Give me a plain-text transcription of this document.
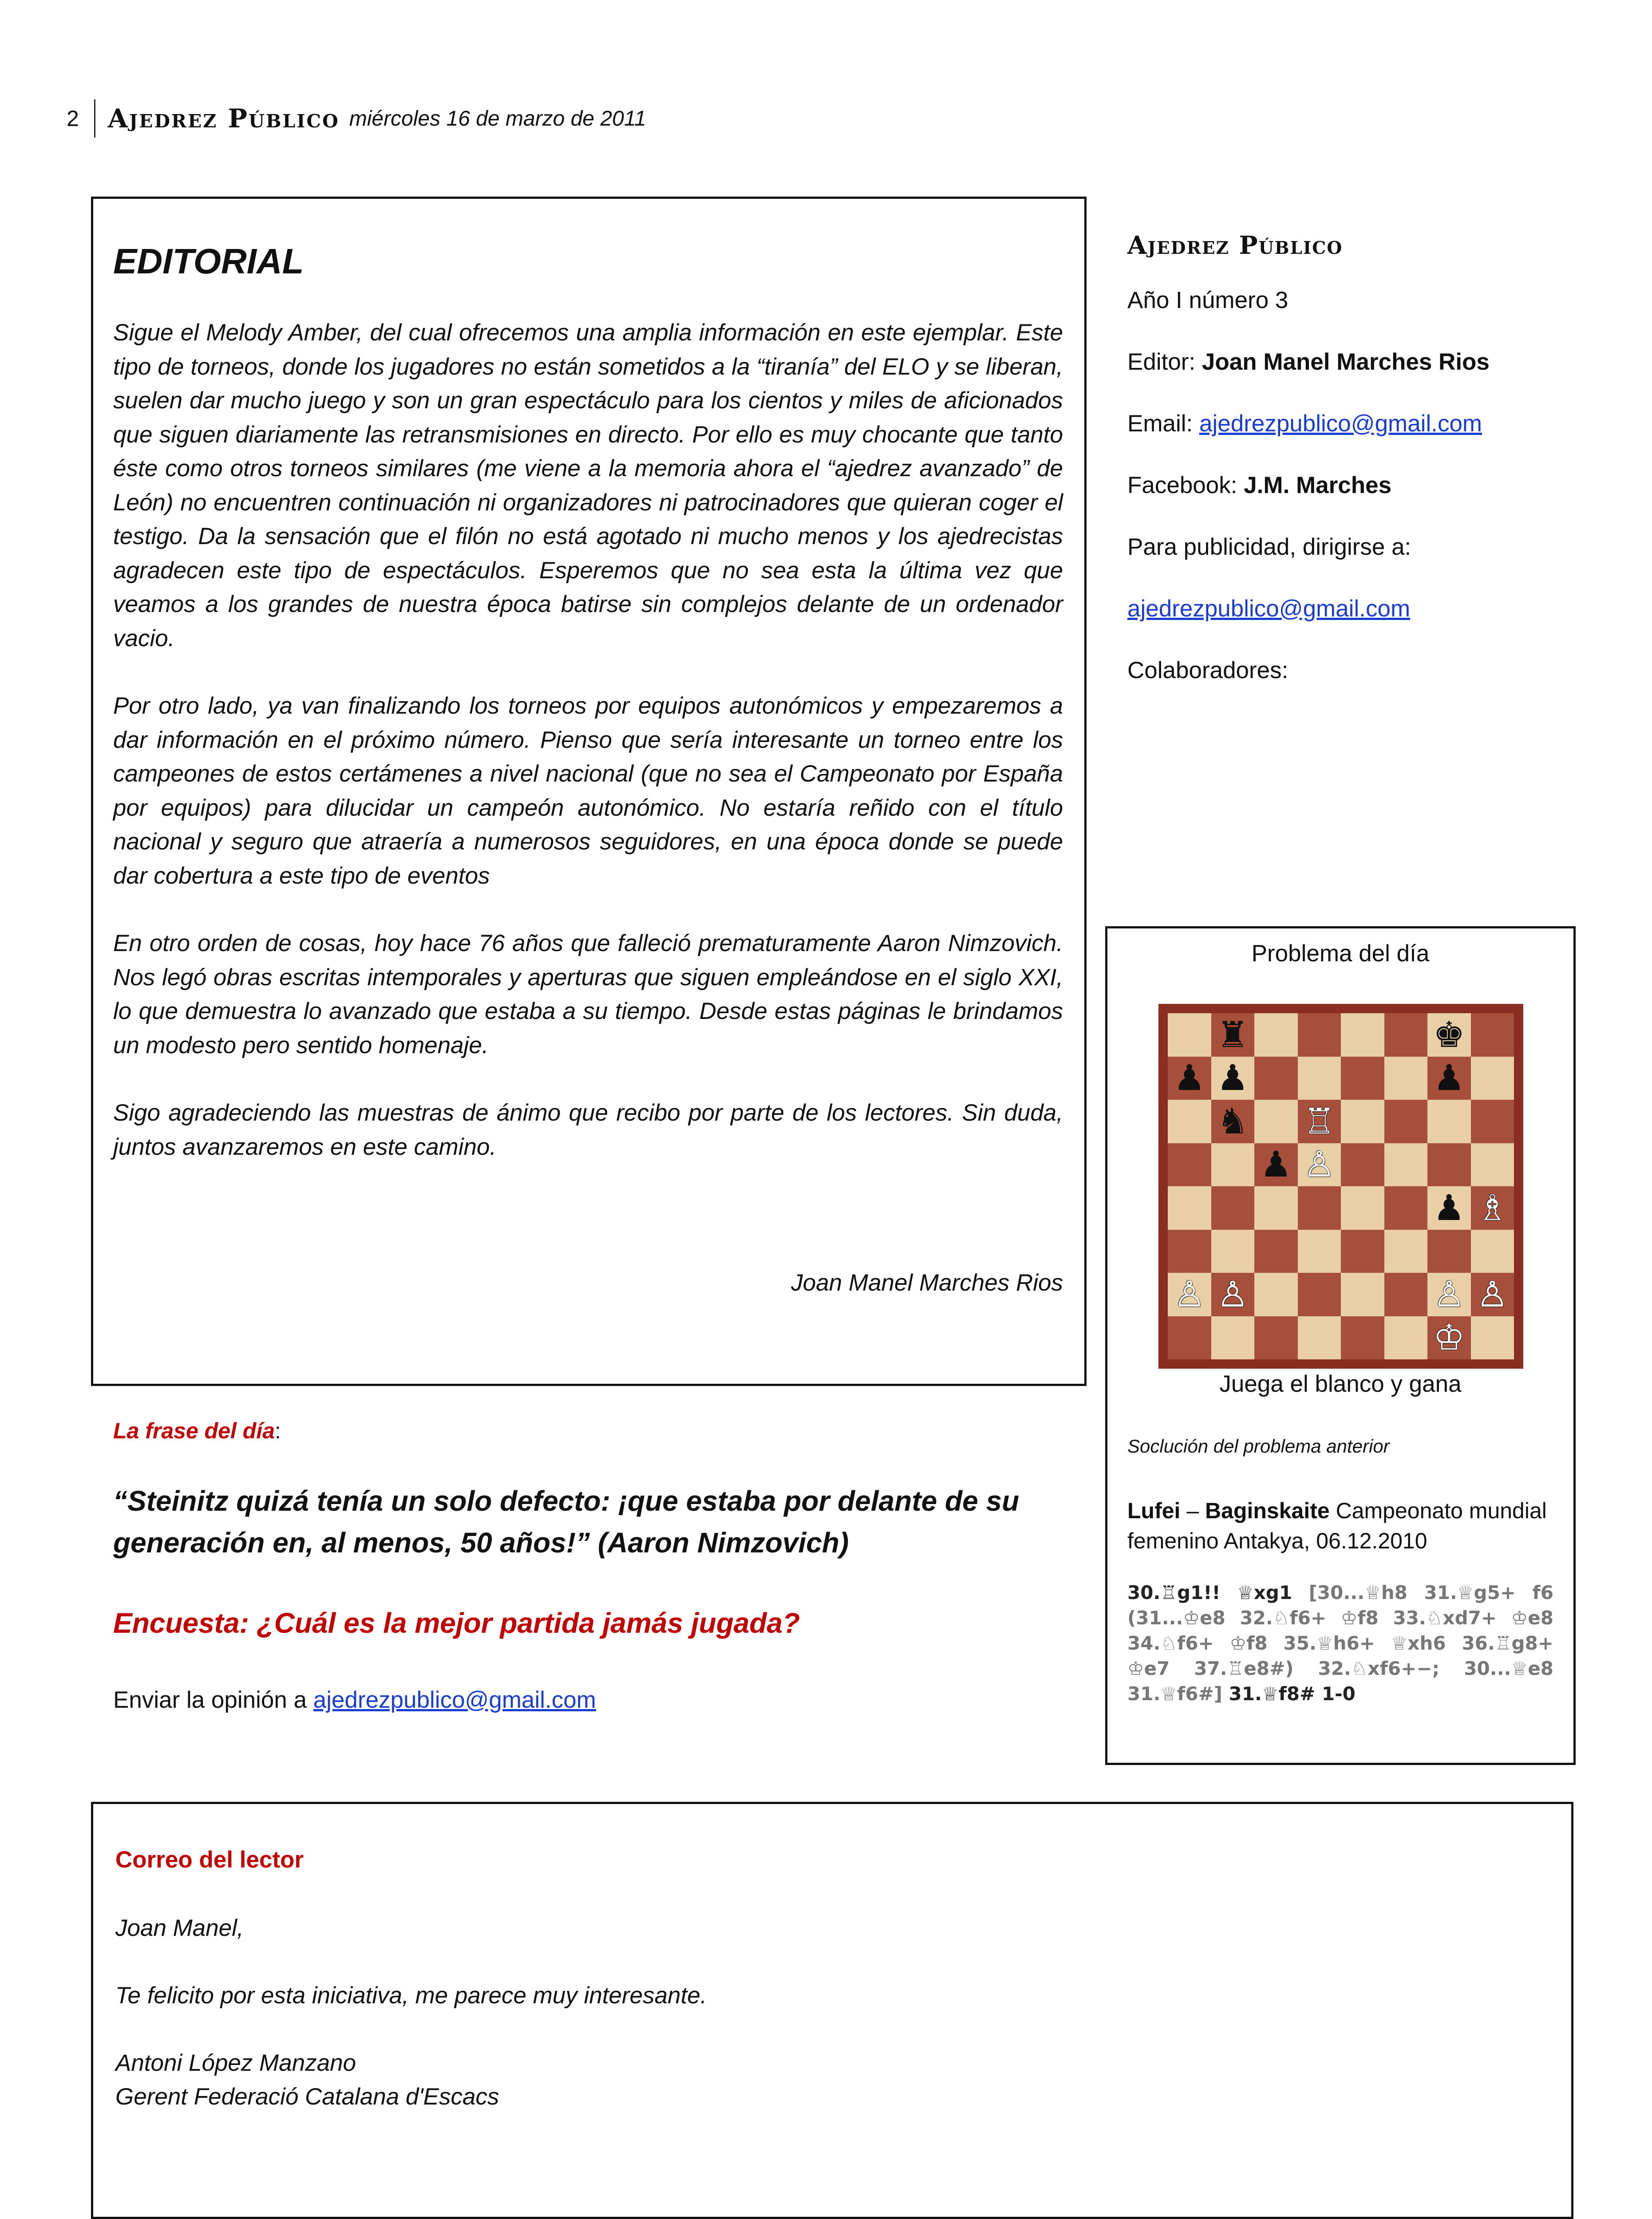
2 Ajedrez Público miércoles 16 de marzo de 2011
EDITORIAL

Sigue el Melody Amber, del cual ofrecemos una amplia información en este ejemplar. Este tipo de torneos, donde los jugadores no están sometidos a la “tiranía” del ELO y se liberan, suelen dar mucho juego y son un gran espectáculo para los cientos y miles de aficionados que siguen diariamente las retransmisiones en directo. Por ello es muy chocante que tanto éste como otros torneos similares (me viene a la memoria ahora el “ajedrez avanzado” de León) no encuentren continuación ni organizadores ni patrocinadores que quieran coger el testigo. Da la sensación que el filón no está agotado ni mucho menos y los ajedrecistas agradecen este tipo de espectáculos. Esperemos que no sea esta la última vez que veamos a los grandes de nuestra época batirse sin complejos delante de un ordenador vacio.

Por otro lado, ya van finalizando los torneos por equipos autonómicos y empezaremos a dar información en el próximo número. Pienso que sería interesante un torneo entre los campeones de estos certámenes a nivel nacional (que no sea el Campeonato por España por equipos) para dilucidar un campeón autonómico. No estaría reñido con el título nacional y seguro que atraería a numerosos seguidores, en una época donde se puede dar cobertura a este tipo de eventos

En otro orden de cosas, hoy hace 76 años que falleció prematuramente Aaron Nimzovich. Nos legó obras escritas intemporales y aperturas que siguen empleándose en el siglo XXI, lo que demuestra lo avanzado que estaba a su tiempo. Desde estas páginas le brindamos un modesto pero sentido homenaje.

Sigo agradeciendo las muestras de ánimo que recibo por parte de los lectores. Sin duda, juntos avanzaremos en este camino.

Joan Manel Marches Rios
Ajedrez Público
Año I número 3
Editor: Joan Manel Marches Rios
Email: ajedrezpublico@gmail.com
Facebook: J.M. Marches
Para publicidad, dirigirse a:
ajedrezpublico@gmail.com
Colaboradores:
Problema del día
♜	♚
♟ ♟	♟
♞ ♖
♟ ♙
♟ ♗
♙ ♙	♙ ♙
♔
Juega el blanco y gana
Soclución del problema anterior
Lufei – Baginskaite Campeonato mundial femenino Antakya, 06.12.2010
30.♖g1!! ♕xg1 [30...♕h8 31.♕g5+ f6 (31...♔e8 32.♘f6+ ♔f8 33.♘xd7+ ♔e8 34.♘f6+ ♔f8 35.♕h6+ ♕xh6 36.♖g8+ ♔e7 37.♖e8#) 32.♘xf6+−; 30...♕e8 31.♕f6#] 31.♕f8# 1-0
La frase del día:
“Steinitz quizá tenía un solo defecto: ¡que estaba por delante de su generación en, al menos, 50 años!” (Aaron Nimzovich)
Encuesta: ¿Cuál es la mejor partida jamás jugada?
Enviar la opinión a ajedrezpublico@gmail.com
Correo del lector

Joan Manel,

Te felicito por esta iniciativa, me parece muy interesante.

Antoni López Manzano
Gerent Federació Catalana d'Escacs
